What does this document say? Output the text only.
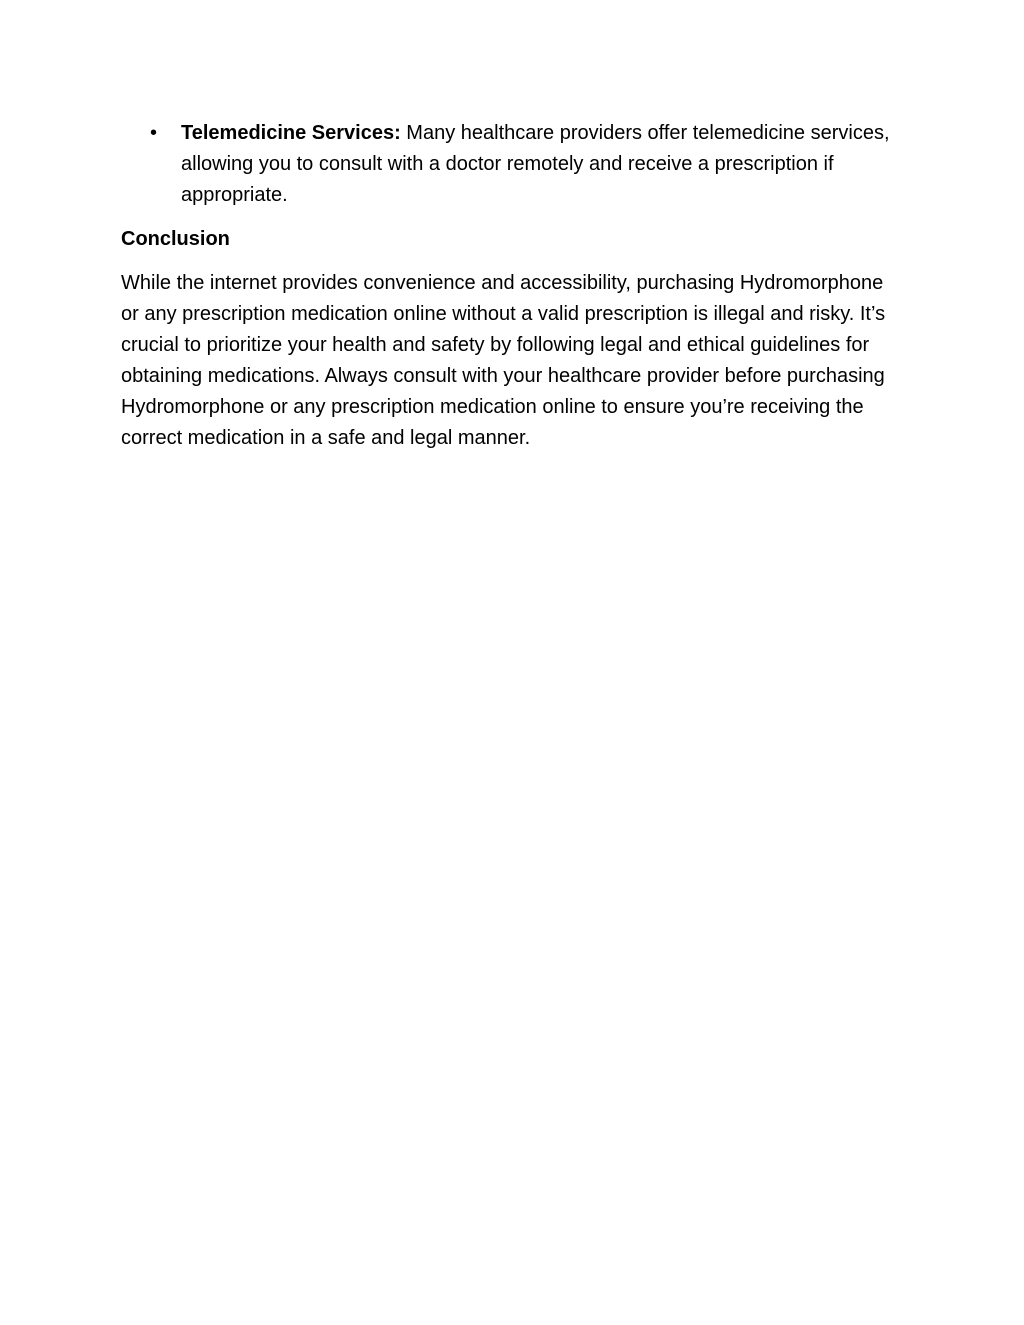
• Telemedicine Services: Many healthcare providers offer telemedicine services, allowing you to consult with a doctor remotely and receive a prescription if appropriate.
Conclusion

While the internet provides convenience and accessibility, purchasing Hydromorphone or any prescription medication online without a valid prescription is illegal and risky. It’s crucial to prioritize your health and safety by following legal and ethical guidelines for obtaining medications. Always consult with your healthcare provider before purchasing Hydromorphone or any prescription medication online to ensure you’re receiving the correct medication in a safe and legal manner.
